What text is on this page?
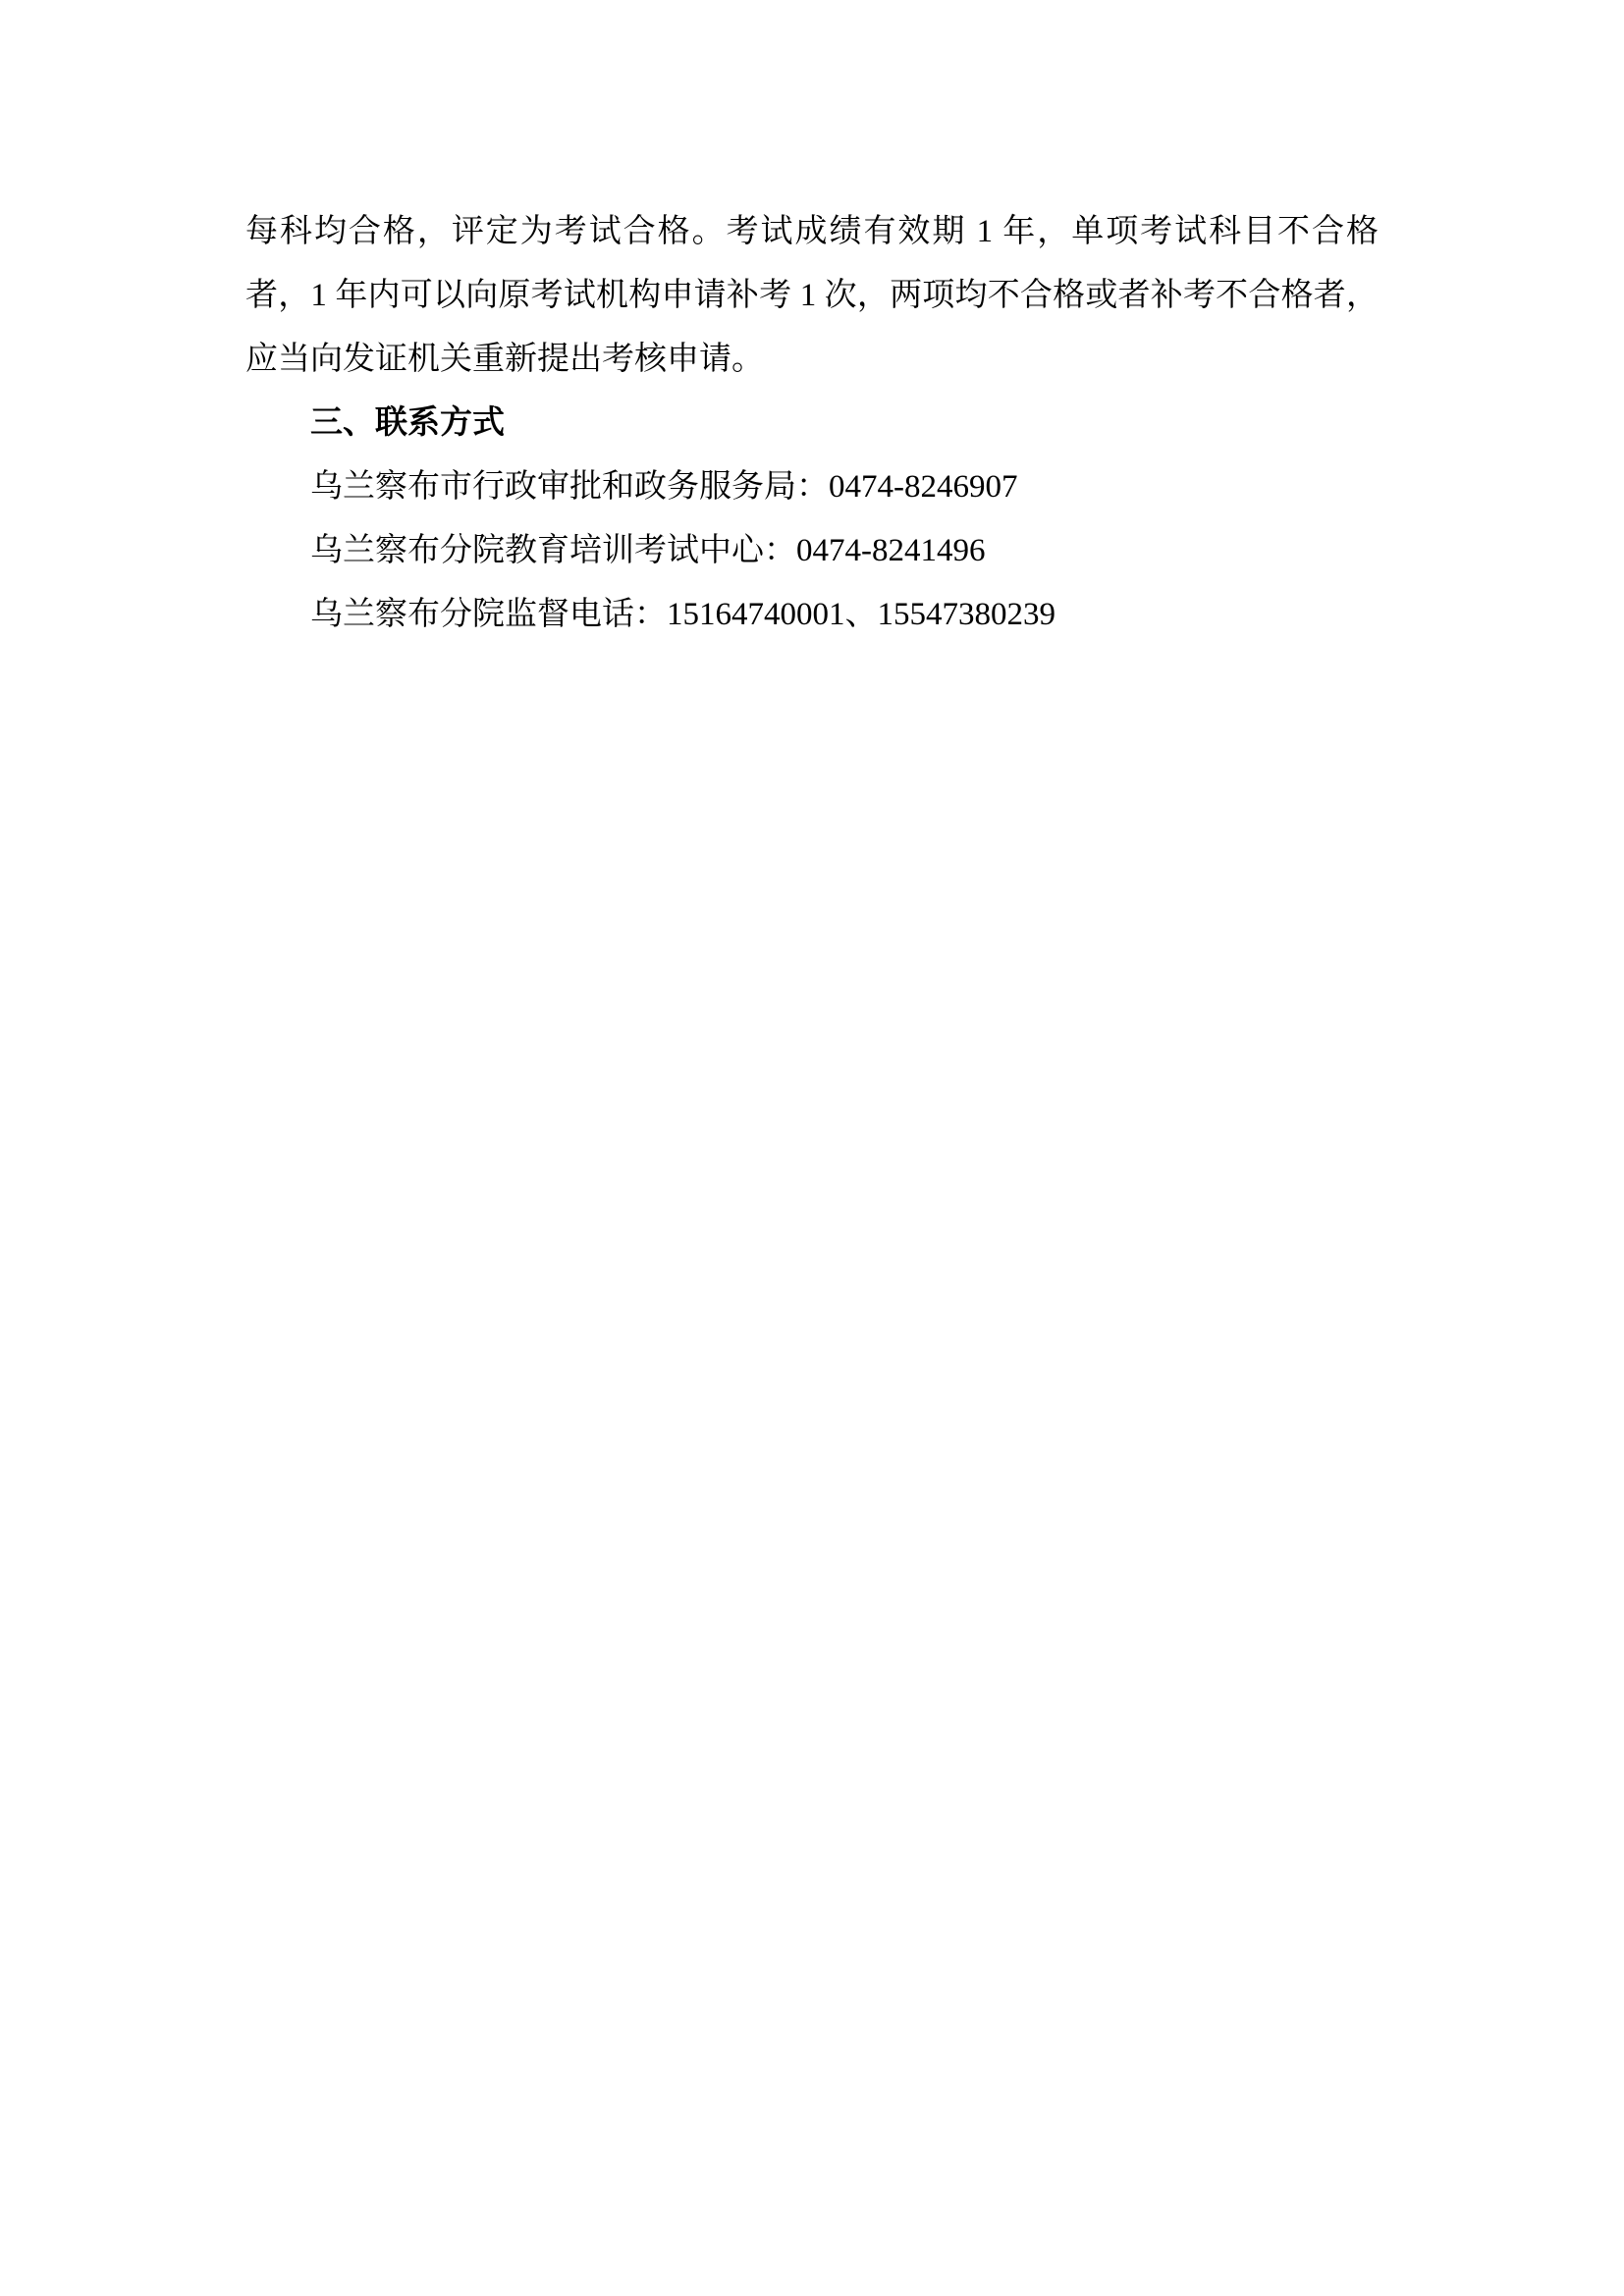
每科均合格，评定为考试合格。考试成绩有效期 1 年，单项考试科目不合格者，1 年内可以向原考试机构申请补考 1 次，两项均不合格或者补考不合格者，应当向发证机关重新提出考核申请。

三、联系方式

乌兰察布市行政审批和政务服务局：0474-8246907

乌兰察布分院教育培训考试中心：0474-8241496

乌兰察布分院监督电话：15164740001、15547380239
